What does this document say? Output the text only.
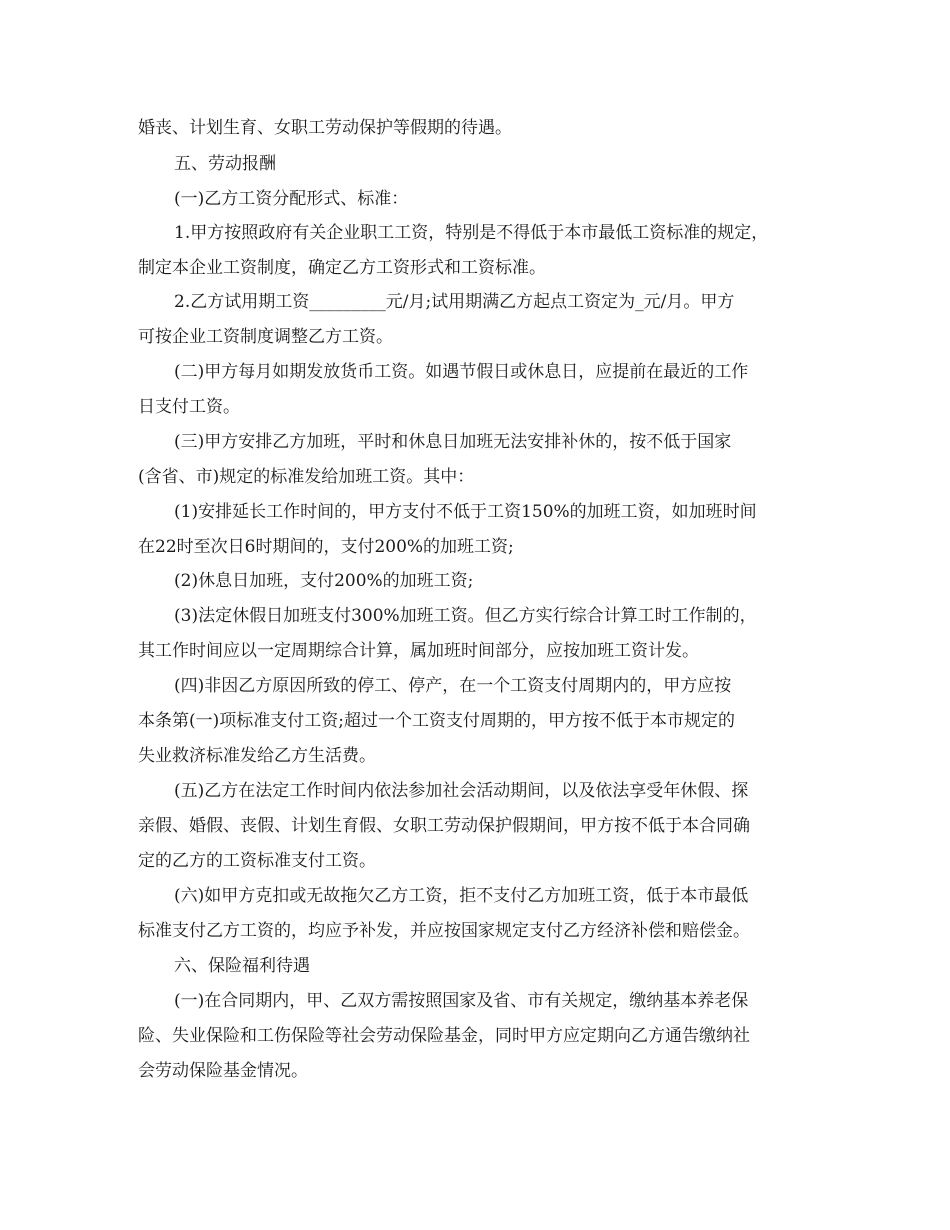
婚丧、计划生育、女职工劳动保护等假期的待遇。
五、劳动报酬
(一)乙方工资分配形式、标准：
1.甲方按照政府有关企业职工工资，特别是不得低于本市最低工资标准的规定，
制定本企业工资制度，确定乙方工资形式和工资标准。
2.乙方试用期工资_________元/月;试用期满乙方起点工资定为_元/月。甲方
可按企业工资制度调整乙方工资。
(二)甲方每月如期发放货币工资。如遇节假日或休息日，应提前在最近的工作
日支付工资。
(三)甲方安排乙方加班，平时和休息日加班无法安排补休的，按不低于国家
(含省、市)规定的标准发给加班工资。其中：
(1)安排延长工作时间的，甲方支付不低于工资150%的加班工资，如加班时间
在22时至次日6时期间的，支付200%的加班工资;
(2)休息日加班，支付200%的加班工资;
(3)法定休假日加班支付300%加班工资。但乙方实行综合计算工时工作制的，
其工作时间应以一定周期综合计算，属加班时间部分，应按加班工资计发。
(四)非因乙方原因所致的停工、停产，在一个工资支付周期内的，甲方应按
本条第(一)项标准支付工资;超过一个工资支付周期的，甲方按不低于本市规定的
失业救济标准发给乙方生活费。
(五)乙方在法定工作时间内依法参加社会活动期间，以及依法享受年休假、探
亲假、婚假、丧假、计划生育假、女职工劳动保护假期间，甲方按不低于本合同确
定的乙方的工资标准支付工资。
(六)如甲方克扣或无故拖欠乙方工资，拒不支付乙方加班工资，低于本市最低
标准支付乙方工资的，均应予补发，并应按国家规定支付乙方经济补偿和赔偿金。
六、保险福利待遇
(一)在合同期内，甲、乙双方需按照国家及省、市有关规定，缴纳基本养老保
险、失业保险和工伤保险等社会劳动保险基金，同时甲方应定期向乙方通告缴纳社
会劳动保险基金情况。
